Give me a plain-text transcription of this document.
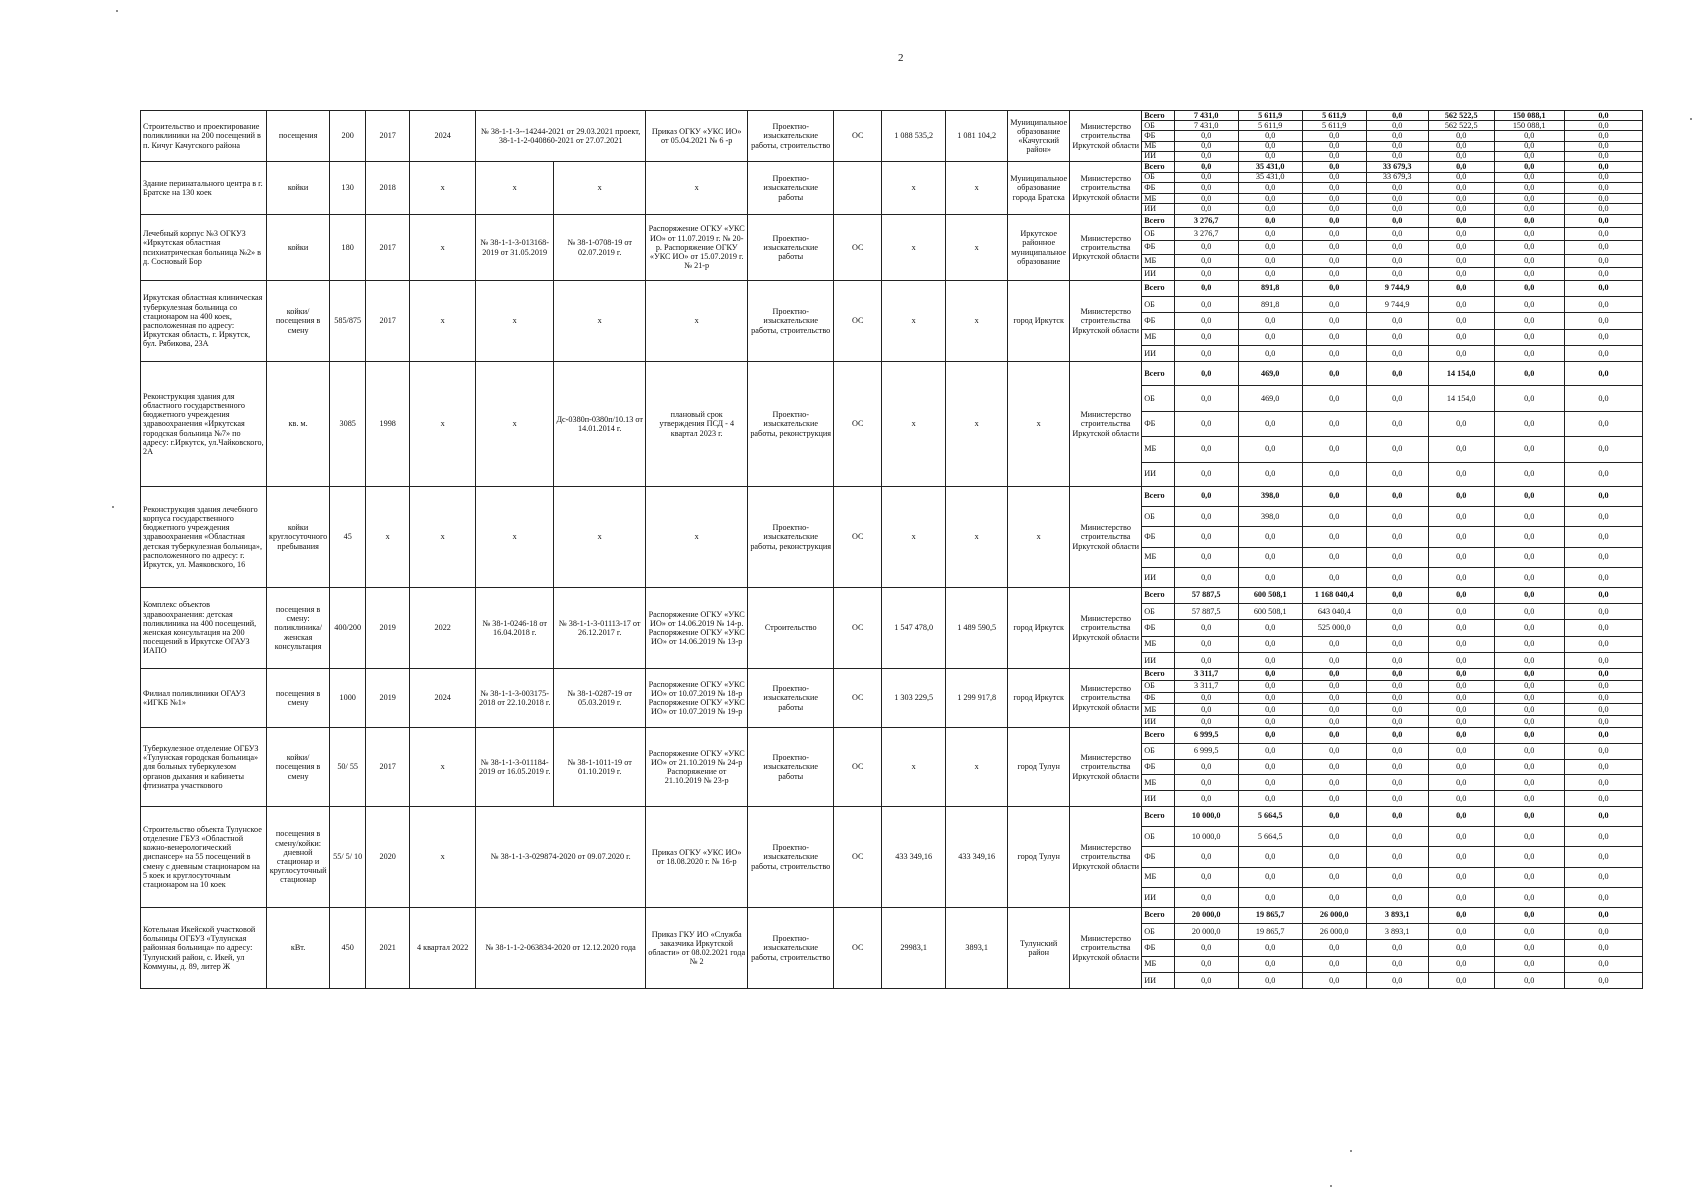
2
Строительство и проектирование поликлиники на 200 посещений в п. Кичуг Качугского района	посещения	200	2017	2024	№ 38-1-1-3--14244-2021 от 29.03.2021 проект, 38-1-1-2-040860-2021 от 27.07.2021	Приказ ОГКУ «УКС ИО» от 05.04.2021 № 6 -р	Проектно-изыскательские работы, строительство	ОС	1 088 535,2	1 081 104,2	Муниципальное образование «Качугский район»	Министерство строительства Иркутской области	
Всего	7 431,0	5 611,9	5 611,9	0,0	562 522,5	150 088,1	0,0
ОБ	7 431,0	5 611,9	5 611,9	0,0	562 522,5	150 088,1	0,0
ФБ	0,0	0,0	0,0	0,0	0,0	0,0	0,0
МБ	0,0	0,0	0,0	0,0	0,0	0,0	0,0
ИИ	0,0	0,0	0,0	0,0	0,0	0,0	0,0

Здание перинатального центра в г. Братске на 130 коек	койки	130	2018	х	х	х	х	Проектно-изыскательские работы		х	х	Муниципальное образование города Братска	Министерство строительства Иркутской области	
Всего	0,0	35 431,0	0,0	33 679,3	0,0	0,0	0,0
ОБ	0,0	35 431,0	0,0	33 679,3	0,0	0,0	0,0
ФБ	0,0	0,0	0,0	0,0	0,0	0,0	0,0
МБ	0,0	0,0	0,0	0,0	0,0	0,0	0,0
ИИ	0,0	0,0	0,0	0,0	0,0	0,0	0,0

Лечебный корпус №3 ОГКУЗ «Иркутская областная психиатрическая больница №2» в д. Сосновый Бор	койки	180	2017	х	№ 38-1-1-3-013168-2019 от 31.05.2019	№ 38-1-0708-19 от 02.07.2019 г.	Распоряжение ОГКУ «УКС ИО» от 11.07.2019 г. № 20-р. Распоряжение ОГКУ «УКС ИО» от 15.07.2019 г. № 21-р	Проектно-изыскательские работы	ОС	х	х	Иркутское районное муниципальное образование	Министерство строительства Иркутской области	
Всего	3 276,7	0,0	0,0	0,0	0,0	0,0	0,0
ОБ	3 276,7	0,0	0,0	0,0	0,0	0,0	0,0
ФБ	0,0	0,0	0,0	0,0	0,0	0,0	0,0
МБ	0,0	0,0	0,0	0,0	0,0	0,0	0,0
ИИ	0,0	0,0	0,0	0,0	0,0	0,0	0,0

Иркутская областная клиническая туберкулезная больница со стационаром на 400 коек, расположенная по адресу: Иркутская область, г. Иркутск, бул. Рябикова, 23А	койки/ посещения в смену	585/875	2017	х	х	х	х	Проектно-изыскательские работы, строительство	ОС	х	х	город Иркутск	Министерство строительства Иркутской области	
Всего	0,0	891,8	0,0	9 744,9	0,0	0,0	0,0
ОБ	0,0	891,8	0,0	9 744,9	0,0	0,0	0,0
ФБ	0,0	0,0	0,0	0,0	0,0	0,0	0,0
МБ	0,0	0,0	0,0	0,0	0,0	0,0	0,0
ИИ	0,0	0,0	0,0	0,0	0,0	0,0	0,0

Реконструкция здания для областного государственного бюджетного учреждения здравоохранения «Иркутская городская больница №7» по адресу: г.Иркутск, ул.Чайковского, 2А	кв. м.	3085	1998	х	х	Дс-0380п-0380п/10.13 от 14.01.2014 г.	плановый срок утверждения ПСД - 4 квартал 2023 г.	Проектно-изыскательские работы, реконструкция	ОС	х	х	х	Министерство строительства Иркутской области	
Всего	0,0	469,0	0,0	0,0	14 154,0	0,0	0,0
ОБ	0,0	469,0	0,0	0,0	14 154,0	0,0	0,0
ФБ	0,0	0,0	0,0	0,0	0,0	0,0	0,0
МБ	0,0	0,0	0,0	0,0	0,0	0,0	0,0
ИИ	0,0	0,0	0,0	0,0	0,0	0,0	0,0

Реконструкция здания лечебного корпуса государственного бюджетного учреждения здравоохранения «Областная детская туберкулезная больница», расположенного по адресу: г. Иркутск, ул. Маяковского, 16	койки круглосуточного пребывания	45	х	х	х	х	х	Проектно-изыскательские работы, реконструкция	ОС	х	х	х	Министерство строительства Иркутской области	
Всего	0,0	398,0	0,0	0,0	0,0	0,0	0,0
ОБ	0,0	398,0	0,0	0,0	0,0	0,0	0,0
ФБ	0,0	0,0	0,0	0,0	0,0	0,0	0,0
МБ	0,0	0,0	0,0	0,0	0,0	0,0	0,0
ИИ	0,0	0,0	0,0	0,0	0,0	0,0	0,0

Комплекс объектов здравоохранения: детская поликлиника на 400 посещений, женская консультация на 200 посещений в Иркутске ОГАУЗ ИАПО	посещения в смену: поликлиника/ женская консультация	400/200	2019	2022	№ 38-1-0246-18 от 16.04.2018 г.	№ 38-1-1-3-01113-17 от 26.12.2017 г.	Распоряжение ОГКУ «УКС ИО» от 14.06.2019 № 14-р. Распоряжение ОГКУ «УКС ИО» от 14.06.2019 № 13-р	Строительство	ОС	1 547 478,0	1 489 590,5	город Иркутск	Министерство строительства Иркутской области	
Всего	57 887,5	600 508,1	1 168 040,4	0,0	0,0	0,0	0,0
ОБ	57 887,5	600 508,1	643 040,4	0,0	0,0	0,0	0,0
ФБ	0,0	0,0	525 000,0	0,0	0,0	0,0	0,0
МБ	0,0	0,0	0,0	0,0	0,0	0,0	0,0
ИИ	0,0	0,0	0,0	0,0	0,0	0,0	0,0

Филиал поликлиники ОГАУЗ «ИГКБ №1»	посещения в смену	1000	2019	2024	№ 38-1-1-3-003175-2018 от 22.10.2018 г.	№ 38-1-0287-19 от 05.03.2019 г.	Распоряжение ОГКУ «УКС ИО» от 10.07.2019 № 18-р Распоряжение ОГКУ «УКС ИО» от 10.07.2019 № 19-р	Проектно-изыскательские работы	ОС	1 303 229,5	1 299 917,8	город Иркутск	Министерство строительства Иркутской области	
Всего	3 311,7	0,0	0,0	0,0	0,0	0,0	0,0
ОБ	3 311,7	0,0	0,0	0,0	0,0	0,0	0,0
ФБ	0,0	0,0	0,0	0,0	0,0	0,0	0,0
МБ	0,0	0,0	0,0	0,0	0,0	0,0	0,0
ИИ	0,0	0,0	0,0	0,0	0,0	0,0	0,0

Туберкулезное отделение ОГБУЗ «Тулунская городская больница» для больных туберкулезом органов дыхания и кабинеты фтизиатра участкового	койки/ посещения в смену	50/ 55	2017	х	№ 38-1-1-3-011184-2019 от 16.05.2019 г.	№ 38-1-1011-19 от 01.10.2019 г.	Распоряжение ОГКУ «УКС ИО» от 21.10.2019 № 24-р Распоряжение от 21.10.2019 № 23-р	Проектно-изыскательские работы	ОС	х	х	город Тулун	Министерство строительства Иркутской области	
Всего	6 999,5	0,0	0,0	0,0	0,0	0,0	0,0
ОБ	6 999,5	0,0	0,0	0,0	0,0	0,0	0,0
ФБ	0,0	0,0	0,0	0,0	0,0	0,0	0,0
МБ	0,0	0,0	0,0	0,0	0,0	0,0	0,0
ИИ	0,0	0,0	0,0	0,0	0,0	0,0	0,0

Строительство объекта Тулунское отделение ГБУЗ «Областной кожно-венерологический диспансер» на 55 посещений в смену с дневным стационаром на 5 коек и круглосуточным стационаром на 10 коек	посещения в смену/койки: дневной стационар и круглосуточный стационар	55/ 5/ 10	2020	х	№ 38-1-1-3-029874-2020 от 09.07.2020 г.	Приказ ОГКУ «УКС ИО» от 18.08.2020 г. № 16-р	Проектно-изыскательские работы, строительство	ОС	433 349,16	433 349,16	город Тулун	Министерство строительства Иркутской области	
Всего	10 000,0	5 664,5	0,0	0,0	0,0	0,0	0,0
ОБ	10 000,0	5 664,5	0,0	0,0	0,0	0,0	0,0
ФБ	0,0	0,0	0,0	0,0	0,0	0,0	0,0
МБ	0,0	0,0	0,0	0,0	0,0	0,0	0,0
ИИ	0,0	0,0	0,0	0,0	0,0	0,0	0,0

Котельная Икейской участковой больницы ОГБУЗ «Тулунская районная больница» по адресу: Тулунский район, с. Икей, ул Коммуны, д. 89, литер Ж	кВт.	450	2021	4 квартал 2022	№ 38-1-1-2-063834-2020 от 12.12.2020 года	Приказ ГКУ ИО «Служба заказчика Иркутской области» от 08.02.2021 года № 2	Проектно-изыскательские работы, строительство	ОС	29983,1	3893,1	Тулунский район	Министерство строительства Иркутской области	
Всего	20 000,0	19 865,7	26 000,0	3 893,1	0,0	0,0	0,0
ОБ	20 000,0	19 865,7	26 000,0	3 893,1	0,0	0,0	0,0
ФБ	0,0	0,0	0,0	0,0	0,0	0,0	0,0
МБ	0,0	0,0	0,0	0,0	0,0	0,0	0,0
ИИ	0,0	0,0	0,0	0,0	0,0	0,0	0,0
